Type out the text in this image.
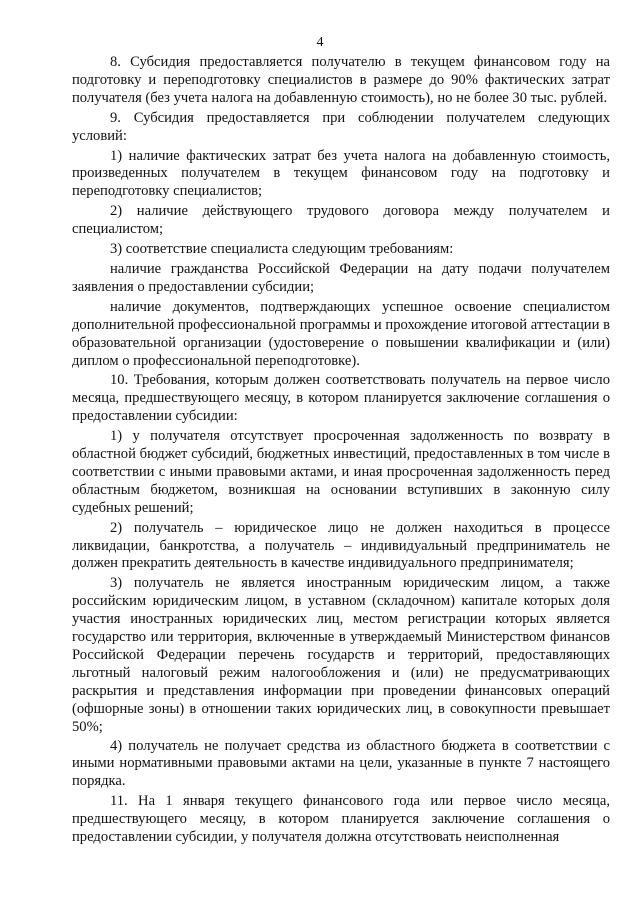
4

8. Субсидия предоставляется получателю в текущем финансовом году на подготовку и переподготовку специалистов в размере до 90% фактических затрат получателя (без учета налога на добавленную стоимость), но не более 30 тыс. рублей.

9. Субсидия предоставляется при соблюдении получателем следующих условий:

1) наличие фактических затрат без учета налога на добавленную стоимость, произведенных получателем в текущем финансовом году на подготовку и переподготовку специалистов;

2) наличие действующего трудового договора между получателем и специалистом;

3) соответствие специалиста следующим требованиям:

наличие гражданства Российской Федерации на дату подачи получателем заявления о предоставлении субсидии;

наличие документов, подтверждающих успешное освоение специалистом дополнительной профессиональной программы и прохождение итоговой аттестации в образовательной организации (удостоверение о повышении квалификации и (или) диплом о профессиональной переподготовке).

10. Требования, которым должен соответствовать получатель на первое число месяца, предшествующего месяцу, в котором планируется заключение соглашения о предоставлении субсидии:

1) у получателя отсутствует просроченная задолженность по возврату в областной бюджет субсидий, бюджетных инвестиций, предоставленных в том числе в соответствии с иными правовыми актами, и иная просроченная задолженность перед областным бюджетом, возникшая на основании вступивших в законную силу судебных решений;

2) получатель – юридическое лицо не должен находиться в процессе ликвидации, банкротства, а получатель – индивидуальный предприниматель не должен прекратить деятельность в качестве индивидуального предпринимателя;

3) получатель не является иностранным юридическим лицом, а также российским юридическим лицом, в уставном (складочном) капитале которых доля участия иностранных юридических лиц, местом регистрации которых является государство или территория, включенные в утверждаемый Министерством финансов Российской Федерации перечень государств и территорий, предоставляющих льготный налоговый режим налогообложения и (или) не предусматривающих раскрытия и представления информации при проведении финансовых операций (офшорные зоны) в отношении таких юридических лиц, в совокупности превышает 50%;

4) получатель не получает средства из областного бюджета в соответствии с иными нормативными правовыми актами на цели, указанные в пункте 7 настоящего порядка.

11. На 1 января текущего финансового года или первое число месяца, предшествующего месяцу, в котором планируется заключение соглашения о предоставлении субсидии, у получателя должна отсутствовать неисполненная
